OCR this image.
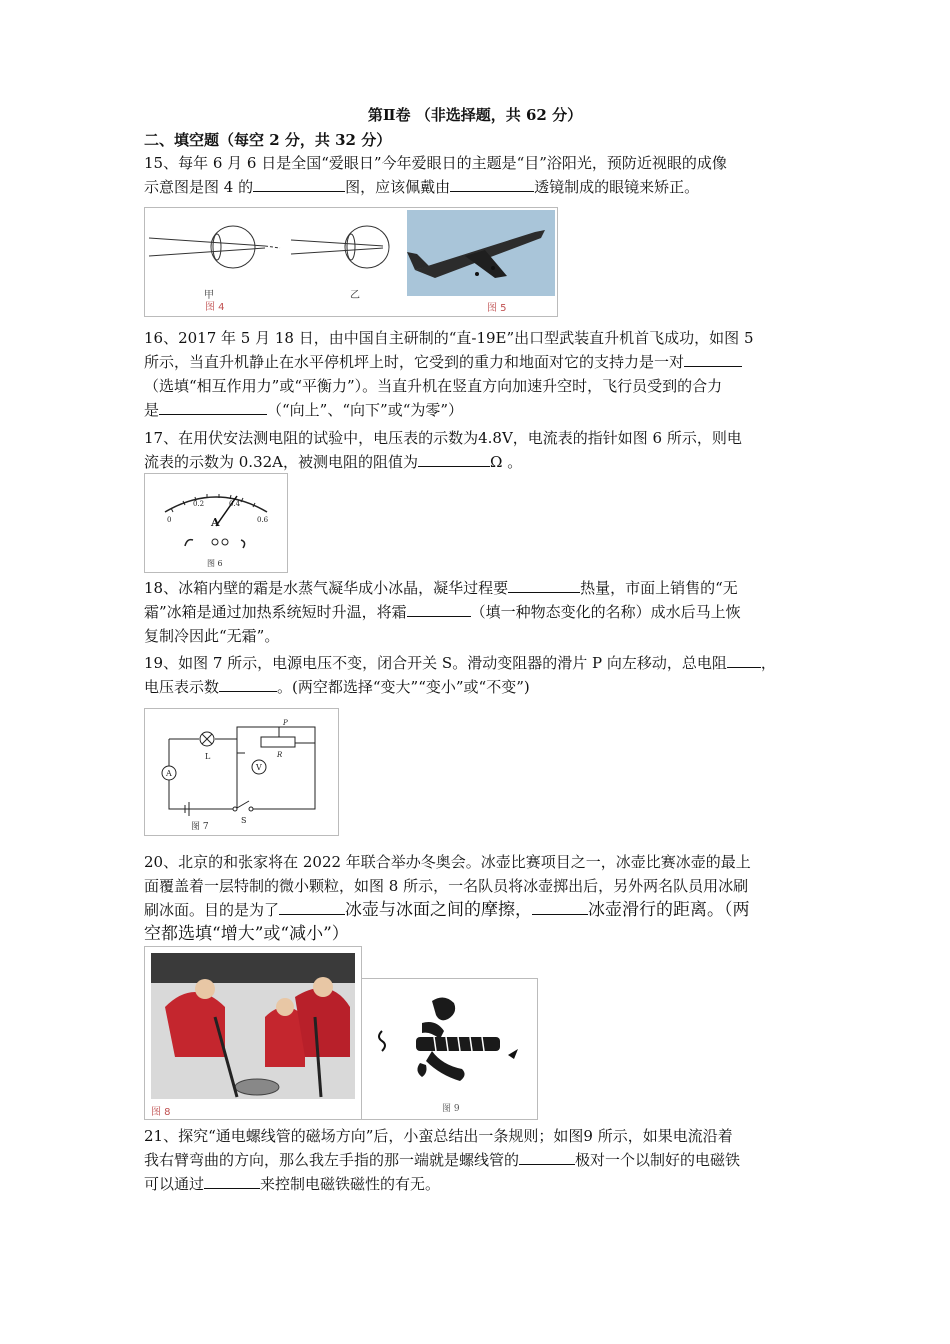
第Ⅱ卷 （非选择题，共 62 分）
二、填空题（每空 2 分，共 32 分）
15、每年 6 月 6 日是全国“爱眼日”今年爱眼日的主题是“目”浴阳光，预防近视眼的成像
示意图是图 4 的	图，应该佩戴由	透镜制成的眼镜来矫正。
甲
图 4
乙
图 5
16、2017 年 5 月 18 日，由中国自主研制的“直-19E”出口型武装直升机首飞成功，如图 5
所示，当直升机静止在水平停机坪上时，它受到的重力和地面对它的支持力是一对
（选填“相互作用力”或“平衡力”）。当直升机在竖直方向加速升空时，飞行员受到的合力
是	（“向上”、“向下”或“为零”）
17、在用伏安法测电阻的试验中，电压表的示数为4.8V，电流表的指针如图 6 所示，则电
流表的示数为 0.32A，被测电阻的阻值为	Ω 。
0
0.2	0.4
0.6
A
图 6
18、冰箱内壁的霜是水蒸气凝华成小冰晶，凝华过程要	热量，市面上销售的“无
霜”冰箱是通过加热系统短时升温，将霜	（填一种物态变化的名称）成水后马上恢
复制冷因此“无霜”。
19、如图 7 所示，电源电压不变，闭合开关 S。滑动变阻器的滑片 P 向左移动，总电阻 ，
电压表示数	。(两空都选择“变大”“变小”或“不变”)
L	R
P
A
V
S
图 7
20、北京的和张家将在 2022 年联合举办冬奥会。冰壶比赛项目之一，冰壶比赛冰壶的最上
面覆盖着一层特制的微小颗粒，如图 8 所示，一名队员将冰壶掷出后，另外两名队员用冰刷
刷冰面。目的是为了	冰壶与冰面之间的摩擦，	冰壶滑行的距离。（两
空都选填“增大”或“减小”）
图 8	图 9
21、探究“通电螺线管的磁场方向”后，小蛮总结出一条规则；如图9 所示，如果电流沿着
我右臂弯曲的方向，那么我左手指的那一端就是螺线管的	极对一个以制好的电磁铁
可以通过	来控制电磁铁磁性的有无。
